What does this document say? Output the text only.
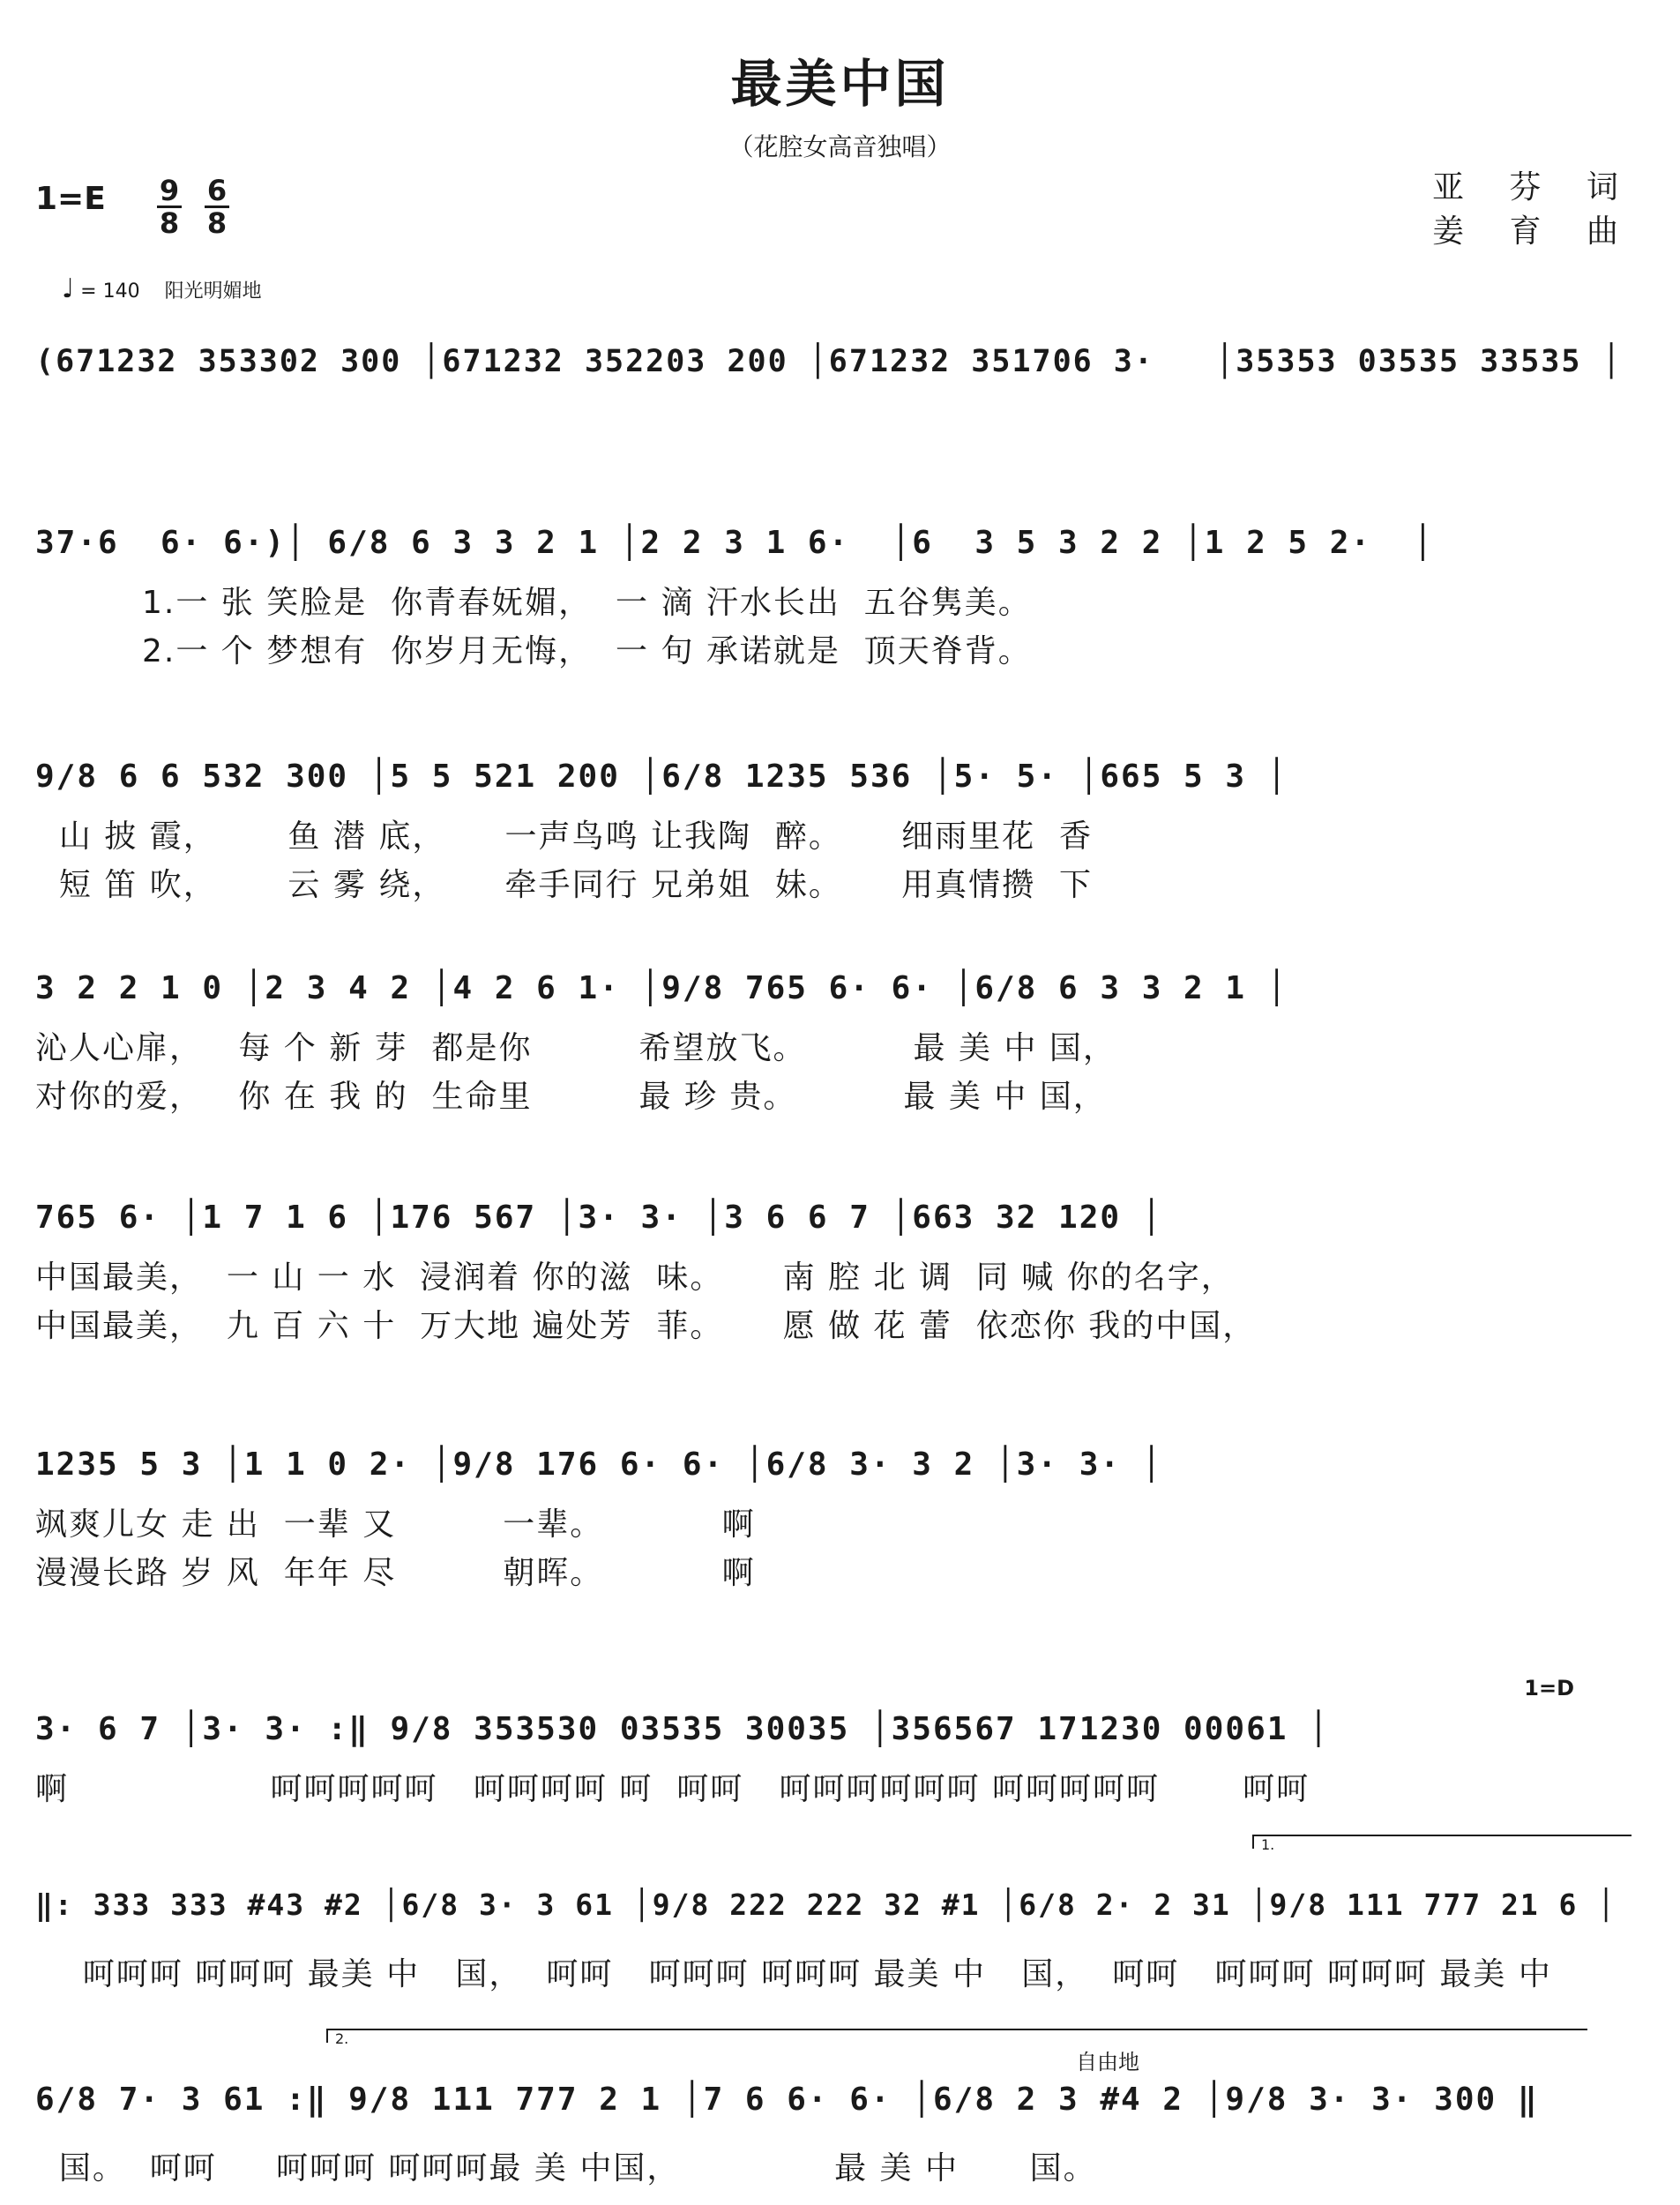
最美中国
（花腔女高音独唱）
1=E 9
8
6
8
亚 芬 词
姜 育 曲
♩ = 140 阳光明媚地
(671232 353302 300 │671232 352203 200 │671232 351706 3·   │35353 03535 33535 │
37·6  6· 6·)│ 6/8 6 3 3 2 1 │2 2 3 1 6·  │6  3 5 3 2 2 │1 2 5 2·  │
1.一 张 笑脸是  你青春妩媚，  一 滴 汗水长出  五谷隽美。
2.一 个 梦想有  你岁月无悔，  一 句 承诺就是  顶天脊背。
9/8 6 6 532 300 │5 5 521 200 │6/8 1235 536 │5· 5· │665 5 3 │
山 披 霞，      鱼 潜 底，     一声鸟鸣 让我陶  醉。     细雨里花  香
短 笛 吹，      云 雾 绕，     牵手同行 兄弟姐  妹。     用真情攒  下
3 2 2 1 0 │2 3 4 2 │4 2 6 1· │9/8 765 6· 6· │6/8 6 3 3 2 1 │
沁人心扉，   每 个 新 芽  都是你         希望放飞。         最 美 中 国，
对你的爱，   你 在 我 的  生命里         最 珍 贵。         最 美 中 国，
765 6· │1 7 1 6 │176 567 │3· 3· │3 6 6 7 │663 32 120 │
中国最美，  一 山 一 水  浸润着 你的滋  味。     南 腔 北 调  同 喊 你的名字，
中国最美，  九 百 六 十  万大地 遍处芳  菲。     愿 做 花 蕾  依恋你 我的中国，
1235 5 3 │1 1 0 2· │9/8 176 6· 6· │6/8 3· 3 2 │3· 3· │
飒爽儿女 走 出  一辈 又         一辈。          啊
漫漫长路 岁 风  年年 尽         朝晖。          啊
1=D
3· 6 7 │3· 3· :‖ 9/8 353530 03535 30035 │356567 171230 00061 │
啊                 呵呵呵呵呵   呵呵呵呵 呵  呵呵   呵呵呵呵呵呵 呵呵呵呵呵       呵呵
1.
‖: 333 333 #43 #2 │6/8 3· 3 61 │9/8 222 222 32 #1 │6/8 2· 2 31 │9/8 111 777 21 6 │
呵呵呵 呵呵呵 最美 中   国，  呵呵   呵呵呵 呵呵呵 最美 中   国，  呵呵   呵呵呵 呵呵呵 最美 中
2.
自由地
6/8 7· 3 61 :‖ 9/8 111 777 2 1 │7 6 6· 6· │6/8 2 3 #4 2 │9/8 3· 3· 300 ‖
国。  呵呵     呵呵呵 呵呵呵最 美 中国，             最 美 中      国。
